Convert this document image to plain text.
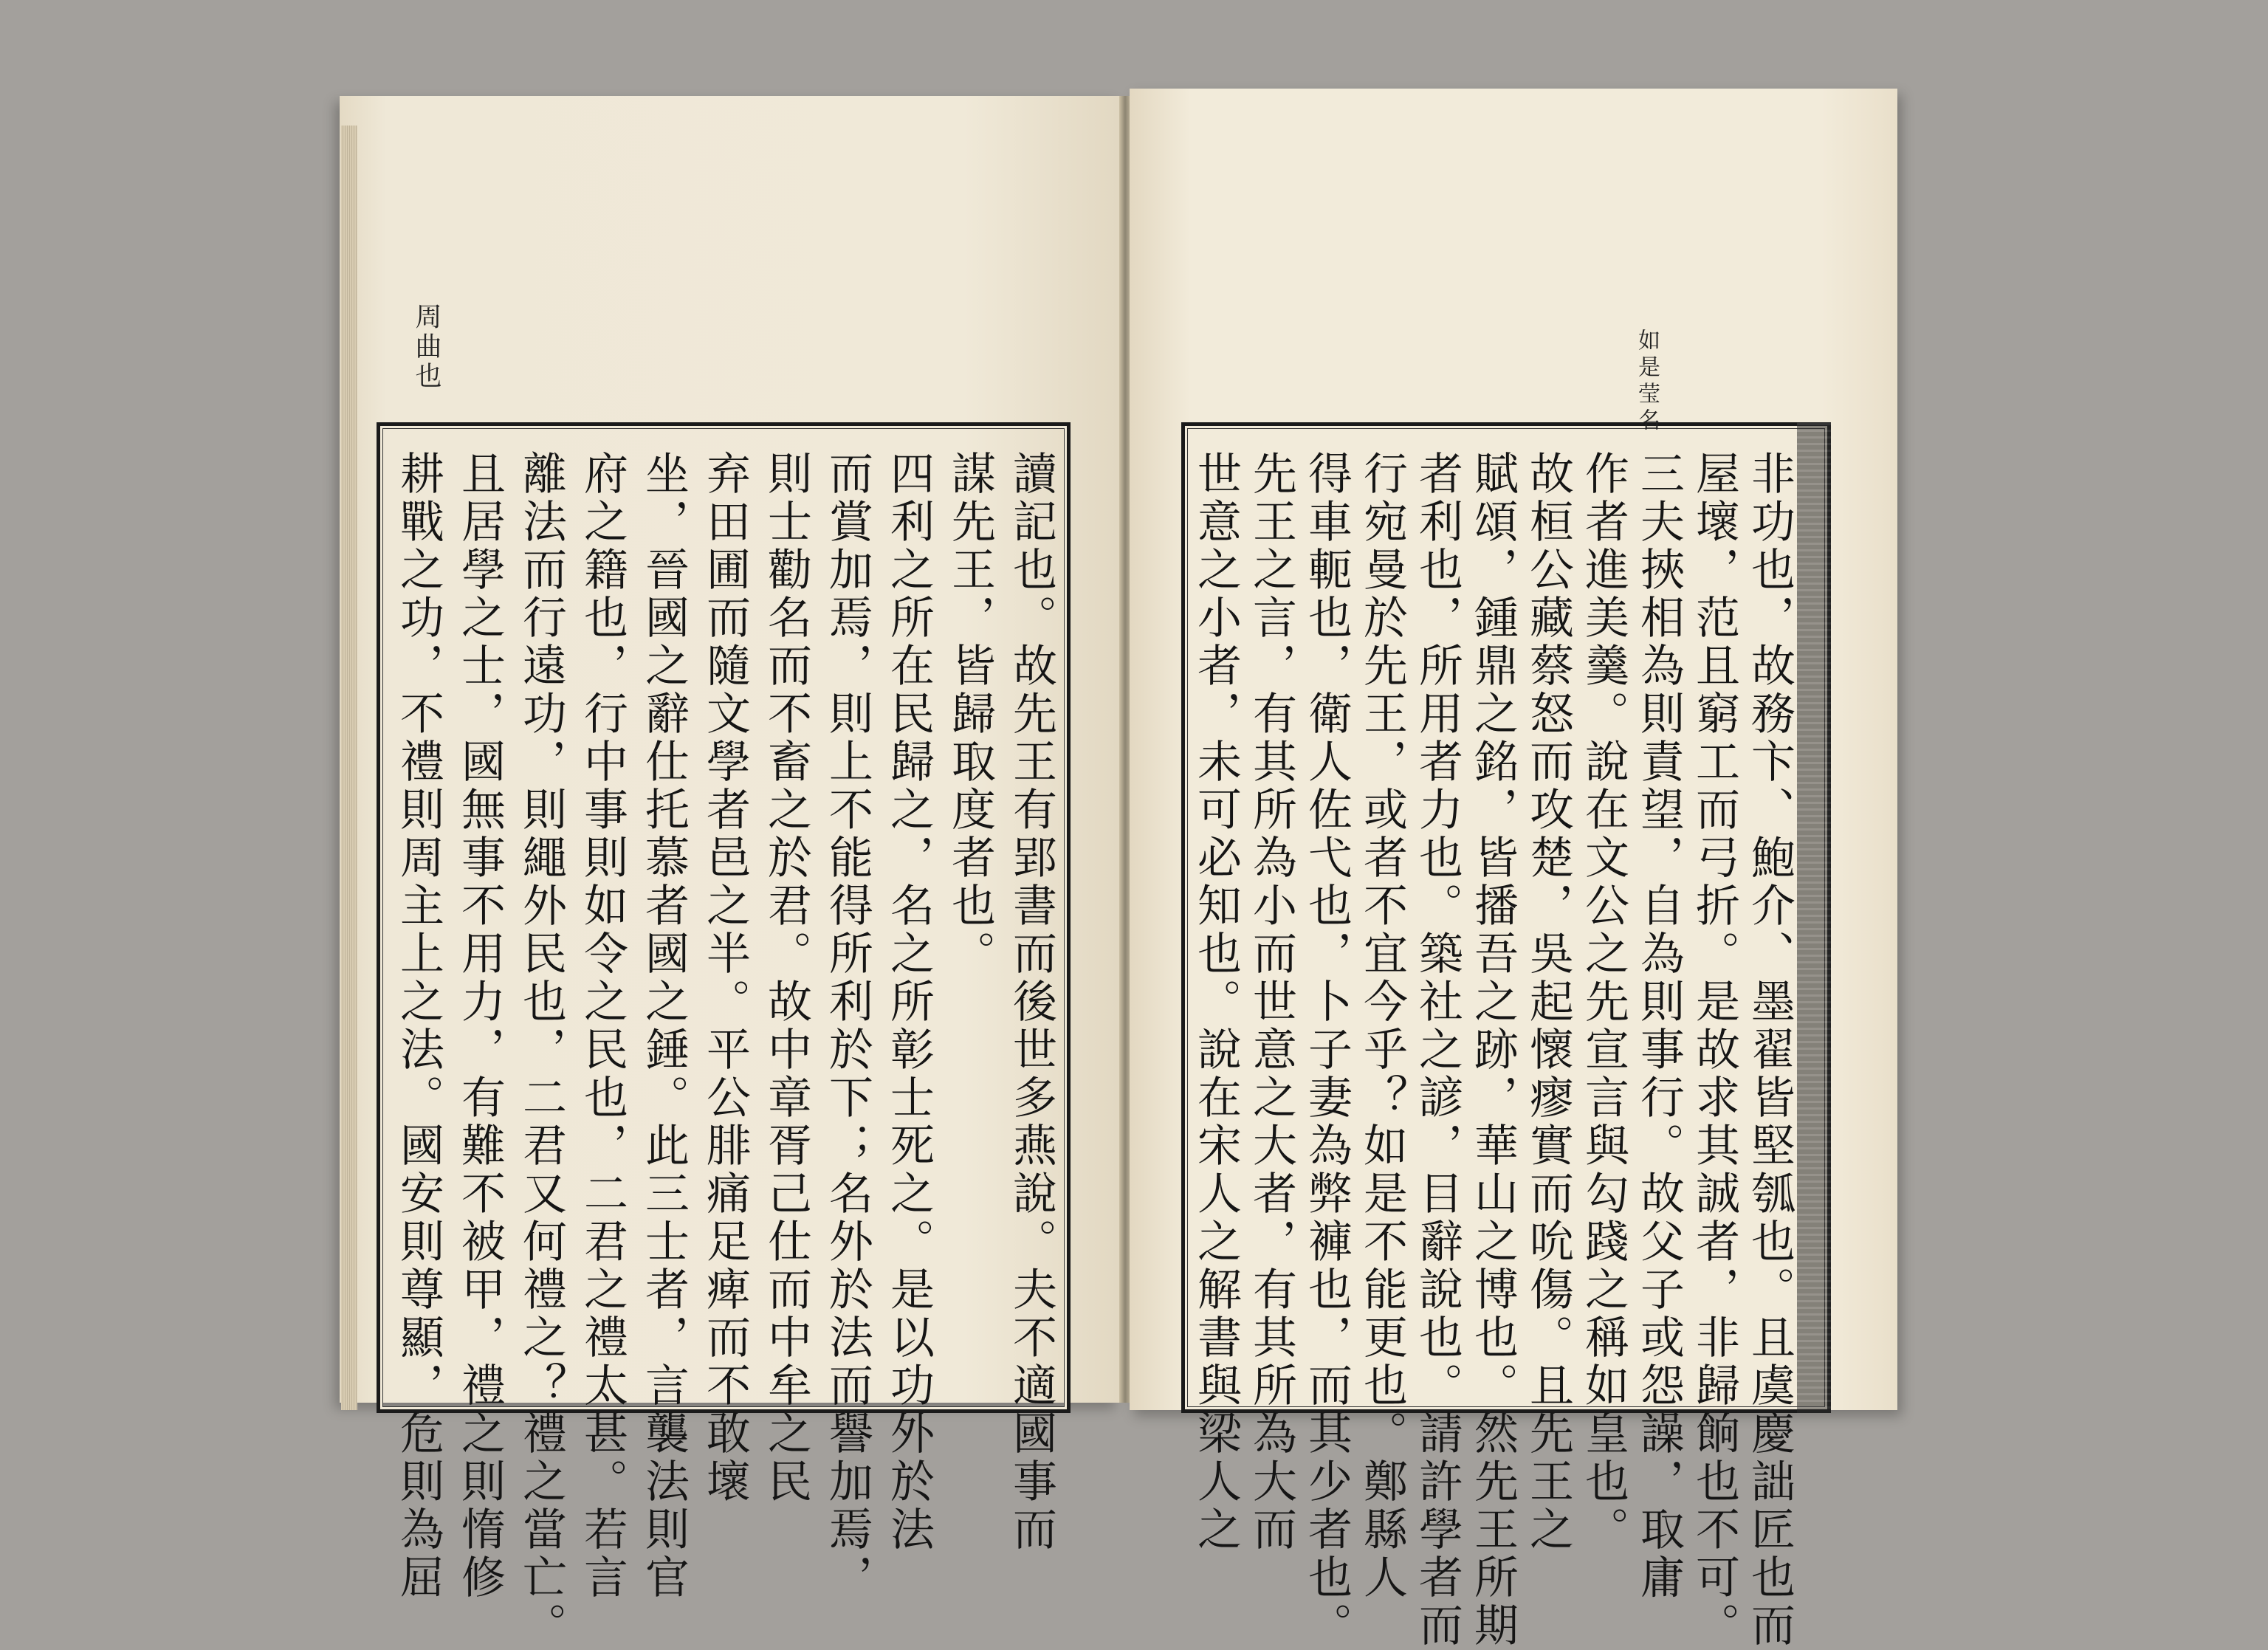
周曲也	如是莹名
讀記也。故先王有郢書而後世多燕說。夫不適國事而
謀先王，皆歸取度者也。
四利之所在民歸之，名之所彰士死之。是以功外於法
而賞加焉，則上不能得所利於下；名外於法而譽加焉，
則士勸名而不畜之於君。故中章胥己仕而中牟之民
弃田圃而隨文學者邑之半。平公腓痛足痺而不敢壞
坐，晉國之辭仕托慕者國之錘。此三士者，言襲法則官
府之籍也，行中事則如令之民也，二君之禮太甚。若言
離法而行遠功，則繩外民也，二君又何禮之？禮之當亡。
且居學之士，國無事不用力，有難不被甲，禮之則惰修
耕戰之功，不禮則周主上之法。國安則尊顯，危則為屈	非功也，故務卞、鮑介、墨翟皆堅瓠也。且虞慶詘匠也而
屋壞，范且窮工而弓折。是故求其誠者，非歸餉也不可。
三夫挾相為則責望，自為則事行。故父子或怨譟，取庸
作者進美羹。說在文公之先宣言與勾踐之稱如皇也。
故桓公藏蔡怒而攻楚，吳起懷瘳實而吮傷。且先王之
賦頌，鍾鼎之銘，皆播吾之跡，華山之博也。然先王所期
者利也，所用者力也。築社之諺，目辭說也。請許學者而
行宛曼於先王，或者不宜今乎？如是不能更也。鄭縣人
得車軛也，衛人佐弋也，卜子妻為弊褲也，而其少者也。
先王之言，有其所為小而世意之大者，有其所為大而
世意之小者，未可必知也。說在宋人之解書與梁人之
